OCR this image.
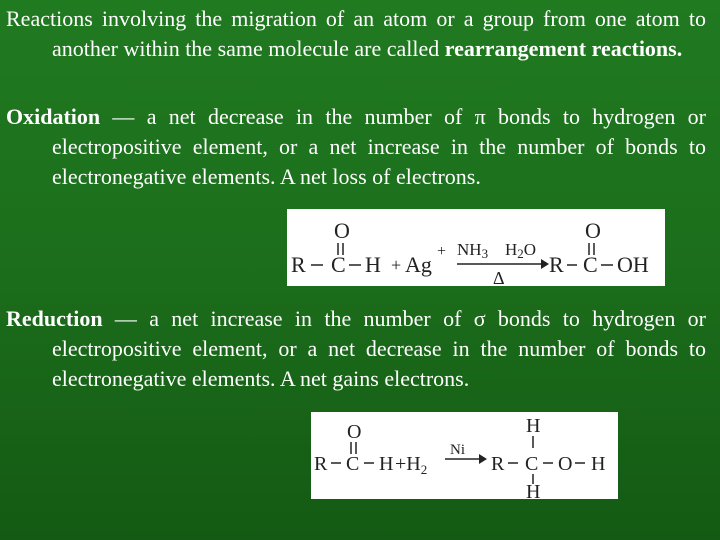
Reactions involving the migration of an atom or a group from one atom to another within the same molecule are called rearrangement reactions.
Oxidation — a net decrease in the number of π bonds to hydrogen or electropositive element, or a net increase in the number of bonds to electronegative elements. A net loss of electrons.
Reduction — a net increase in the number of σ bonds to hydrogen or electropositive element, or a net decrease in the number of bonds to electronegative elements. A net gains electrons.
O
R C H + Ag
+ NH3 H2O
Δ
O
R C OH
O
R C $H +H_2$
Ni
H
R C O H
H
